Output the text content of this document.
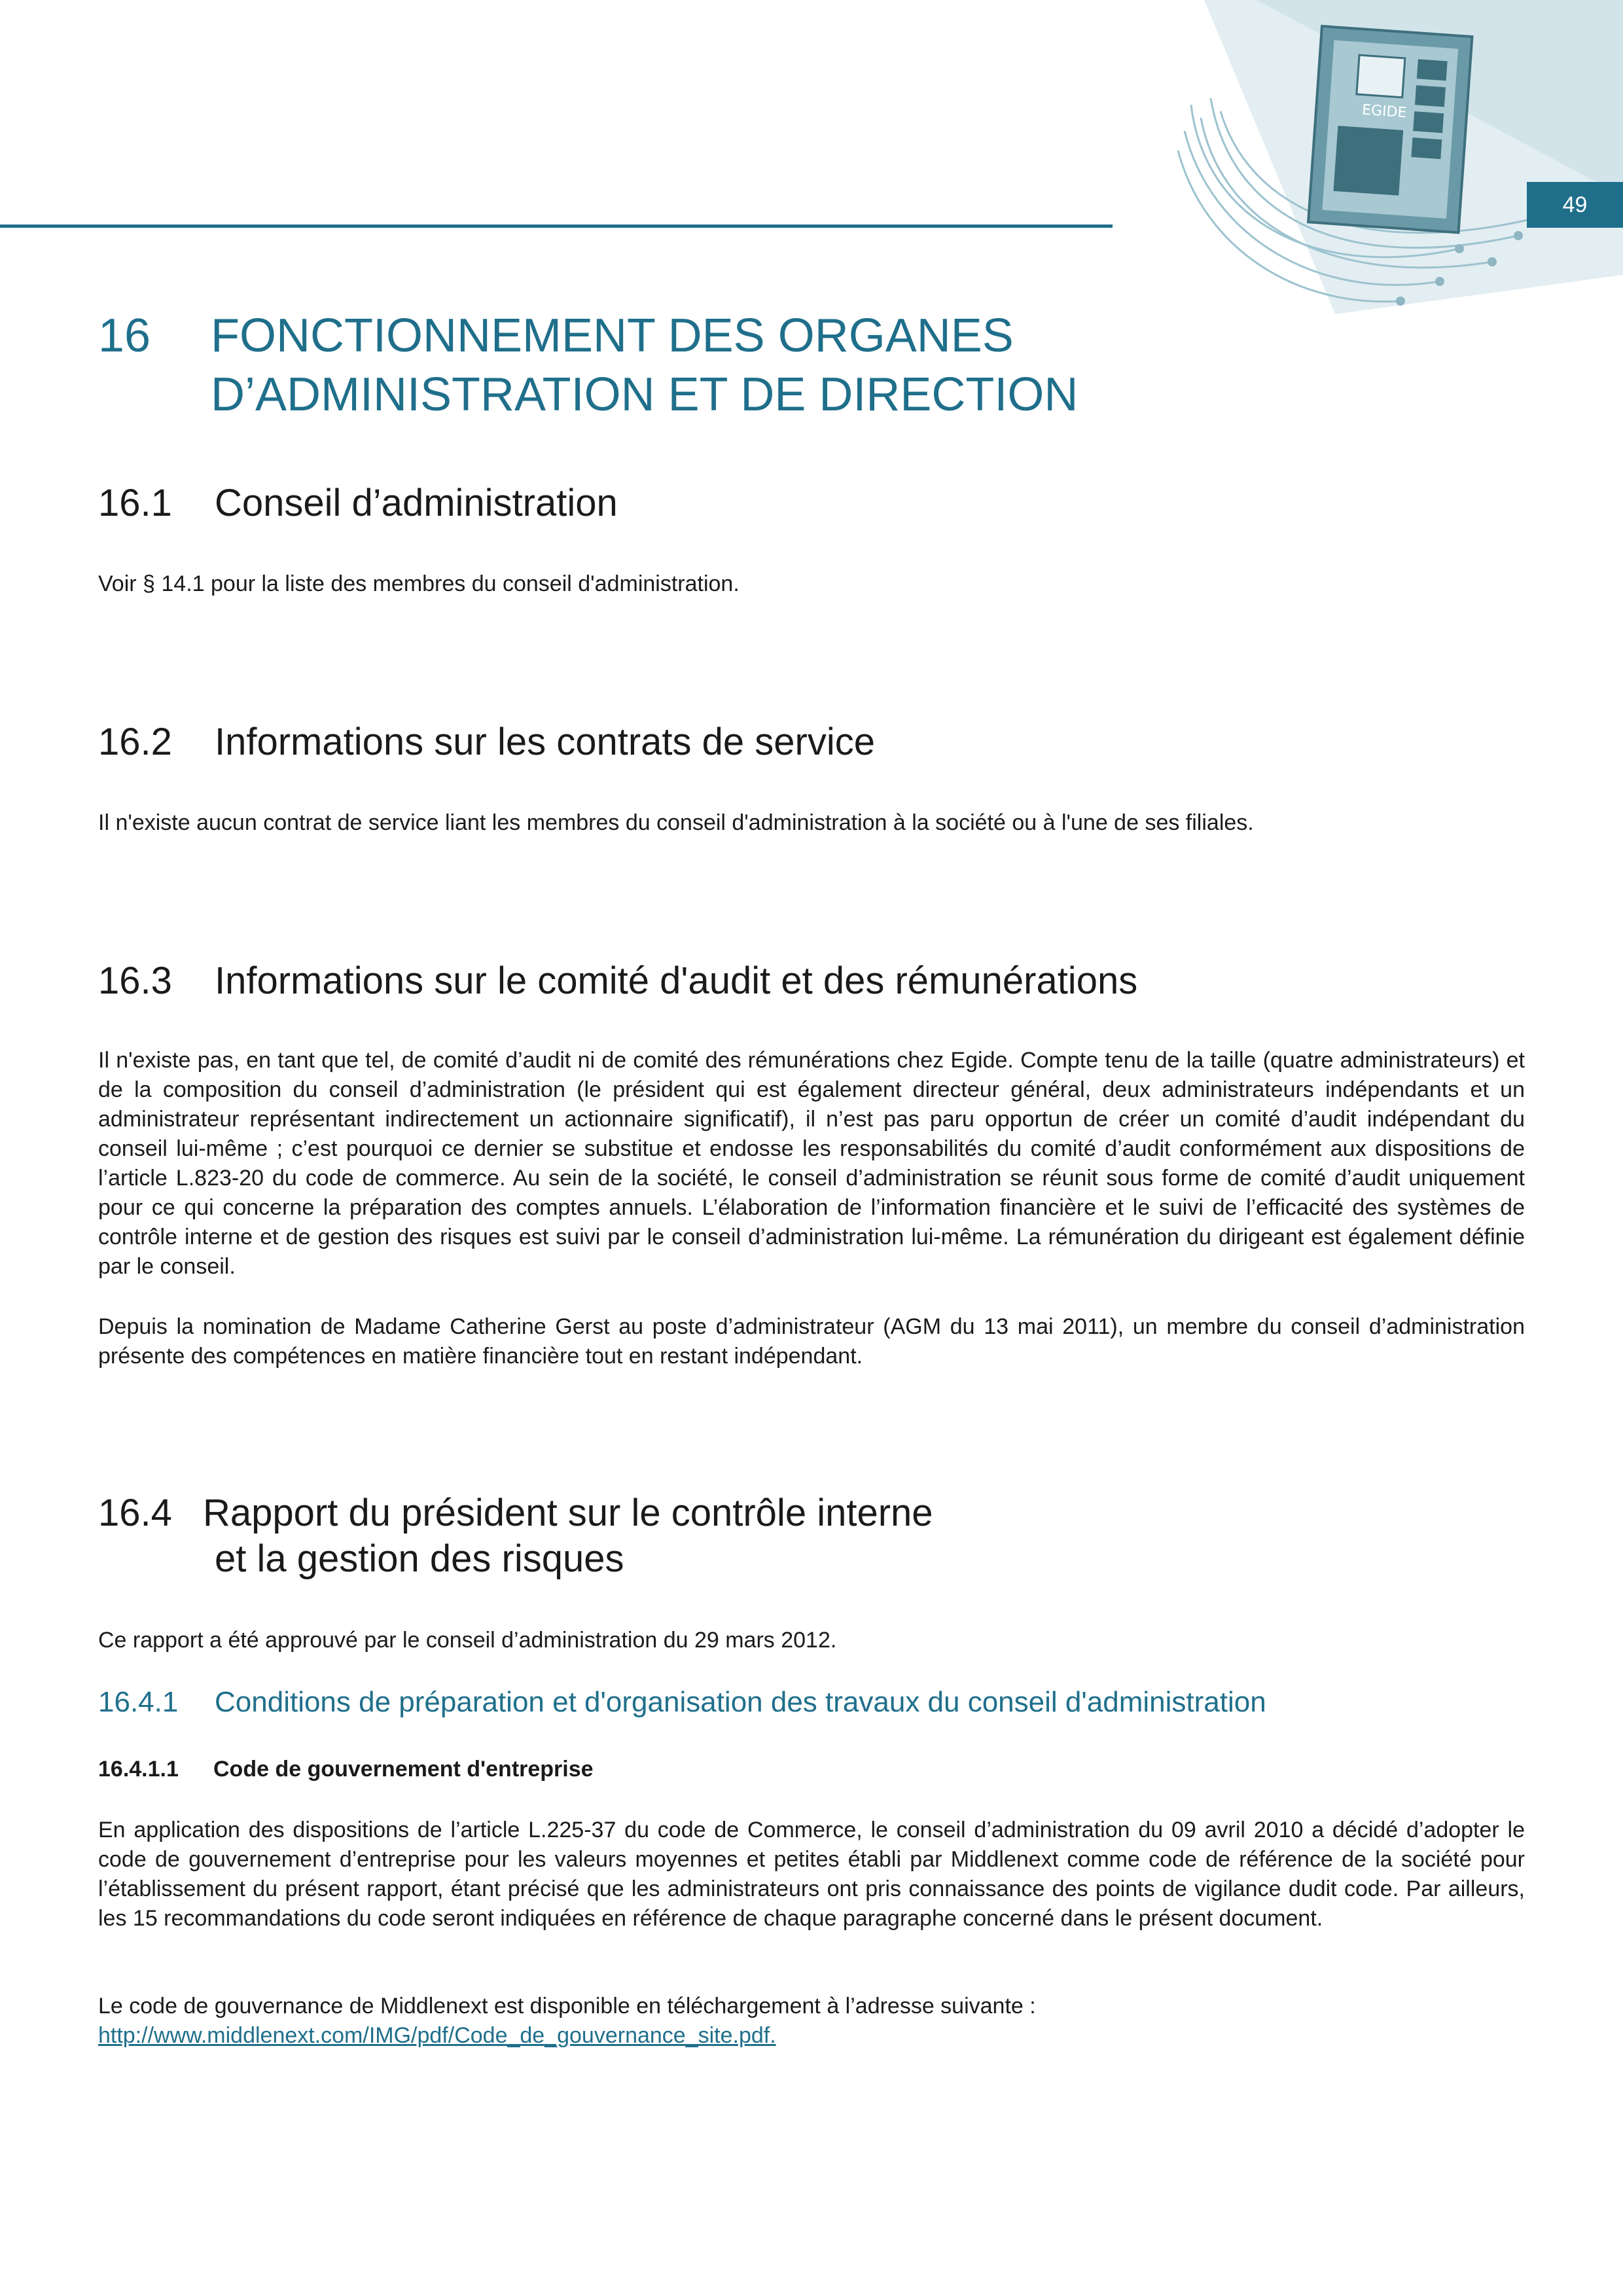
EGIDE
49
16 FONCTIONNEMENT DES ORGANES
D’ADMINISTRATION ET DE DIRECTION
16.1 Conseil d’administration
Voir § 14.1 pour la liste des membres du conseil d'administration.
16.2 Informations sur les contrats de service
Il n'existe aucun contrat de service liant les membres du conseil d'administration à la société ou à l'une de ses filiales.
16.3 Informations sur le comité d'audit et des rémunérations
Il n'existe pas, en tant que tel, de comité d’audit ni de comité des rémunérations chez Egide. Compte tenu de la taille (quatre administrateurs) et de la composition du conseil d’administration (le président qui est également directeur général, deux administrateurs indépendants et un administrateur représentant indirectement un actionnaire significatif), il n’est pas paru opportun de créer un comité d’audit indépendant du conseil lui-même ; c’est pourquoi ce dernier se substitue et endosse les responsabilités du comité d’audit conformément aux dispositions de l’article L.823-20 du code de commerce. Au sein de la société, le conseil d’administration se réunit sous forme de comité d’audit uniquement pour ce qui concerne la préparation des comptes annuels. L’élaboration de l’information financière et le suivi de l’efficacité des systèmes de contrôle interne et de gestion des risques est suivi par le conseil d’administration lui-même. La rémunération du dirigeant est également définie par le conseil.
Depuis la nomination de Madame Catherine Gerst au poste d’administrateur (AGM du 13 mai 2011), un membre du conseil d’administration présente des compétences en matière financière tout en restant indépendant.
16.4 Rapport du président sur le contrôle interne
et la gestion des risques
Ce rapport a été approuvé par le conseil d’administration du 29 mars 2012.
16.4.1 Conditions de préparation et d'organisation des travaux du conseil d'administration
16.4.1.1 Code de gouvernement d'entreprise
En application des dispositions de l’article L.225-37 du code de Commerce, le conseil d’administration du 09 avril 2010 a décidé d’adopter le code de gouvernement d’entreprise pour les valeurs moyennes et petites établi par Middlenext comme code de référence de la société pour l’établissement du présent rapport, étant précisé que les administrateurs ont pris connaissance des points de vigilance dudit code. Par ailleurs, les 15 recommandations du code seront indiquées en référence de chaque paragraphe concerné dans le présent document.
Le code de gouvernance de Middlenext est disponible en téléchargement à l’adresse suivante :
http://www.middlenext.com/IMG/pdf/Code_de_gouvernance_site.pdf.
